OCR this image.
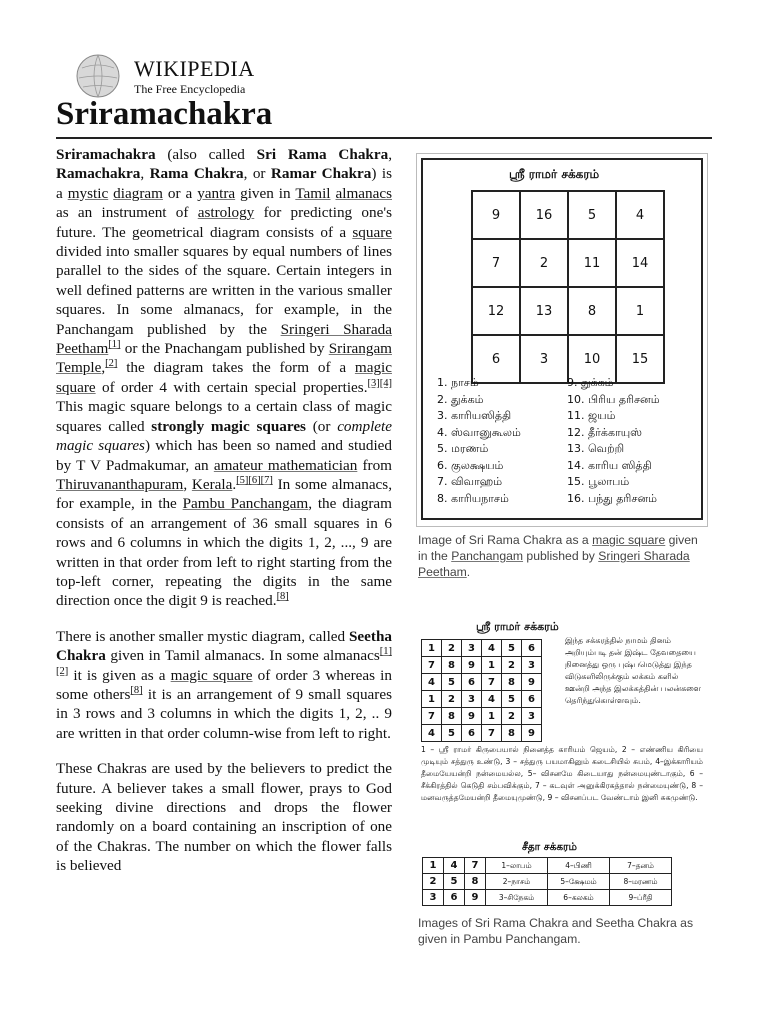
WIKIPEDIA
The Free Encyclopedia
Sriramachakra

Sriramachakra (also called Sri Rama Chakra, Ramachakra, Rama Chakra, or Ramar Chakra) is a mystic diagram or a yantra given in Tamil almanacs as an instrument of astrology for predicting one's future. The geometrical diagram consists of a square divided into smaller squares by equal numbers of lines parallel to the sides of the square. Certain integers in well defined patterns are written in the various smaller squares. In some almanacs, for example, in the Panchangam published by the Sringeri Sharada Peetham[1] or the Pnachangam published by Srirangam Temple,[2] the diagram takes the form of a magic square of order 4 with certain special properties.[3][4] This magic square belongs to a certain class of magic squares called strongly magic squares (or complete magic squares) which has been so named and studied by T V Padmakumar, an amateur mathematician from Thiruvananthapuram, Kerala.[5][6][7] In some almanacs, for example, in the Pambu Panchangam, the diagram consists of an arrangement of 36 small squares in 6 rows and 6 columns in which the digits 1, 2, ..., 9 are written in that order from left to right starting from the top-left corner, repeating the digits in the same direction once the digit 9 is reached.[8]

There is another smaller mystic diagram, called Seetha Chakra given in Tamil almanacs. In some almanacs[1][2] it is given as a magic square of order 3 whereas in some others[8] it is an arrangement of 9 small squares in 3 rows and 3 columns in which the digits 1, 2, .. 9 are written in that order column-wise from left to right.

These Chakras are used by the believers to predict the future. A believer takes a small flower, prays to God seeking divine directions and drops the flower randomly on a board containing an inscription of one of the Chakras. The number on which the flower falls is believed

ஸ்ரீ ராமர் சக்கரம்
9	16	5	4
7	2	11	14
12	13	8	1
6	3	10	15
1. நாசம்
2. துக்கம்
3. காரியஸித்தி
4. ஸ்வானுகூலம்
5. மரணம்
6. குலக்ஷயம்
7. விவாஹம்
8. காரியநாசம்
9. துக்கம்
10. பிரிய தரிசனம்
11. ஜயம்
12. தீர்க்காயுஸ்
13. வெற்றி
14. காரிய ஸித்தி
15. பூலாபம்
16. பந்து தரிசனம்
Image of Sri Rama Chakra as a magic square given in the Panchangam published by Sringeri Sharada Peetham.
ஸ்ரீ ராமர் சக்கரம்
1	2	3	4	5	6
7	8	9	1	2	3
4	5	6	7	8	9
1	2	3	4	5	6
7	8	9	1	2	3
4	5	6	7	8	9
இந்த சக்கரத்தில் நாமம் தினம் அறியும்படி தன் இஷ்ட தேவதையை நினைத்து ஒரு புஷ்பமெடுத்து இந்த விடுகளிலிருக்கும் லக்கம் களில் ஊன்றி அந்த இலக்கத்தின் பலன்களை தெரிந்துகொள்ளவும்.
1 – ஸ்ரீ ராமர் கிருபையால் நினைத்த காரியம் ஜெயம், 2 – எண்ணிய கிரியை முடியும் சத்துரு உண்டு, 3 – சத்துரு பயமாகினும் கடைசியில் சுபம், 4–இக்காரியம் தீமையேயன்றி நன்மையல்ல, 5– விசனமே கிடையாது நன்மையுண்டாகும், 6 – சீக்கிரத்தில் கெடுதி சம்பவிக்கும், 7 – கடவுள் அனுக்கிரகத்தால் நன்மையுண்டு, 8 – மனவருத்தமேயன்றி தீமையுமுண்டு, 9 – விசனப்பட வேண்டாம் இனி சுகமுண்டு.
சீதா சக்கரம்
1	4	7	1–லாபம்	4–பிணி	7–தனம்
2	5	8	2–நாசம்	5–க்ஷேமம்	8–மரணம்
3	6	9	3–சிநேகம்	6–கலகம்	9–ப்ரீதி
Images of Sri Rama Chakra and Seetha Chakra as given in Pambu Panchangam.
